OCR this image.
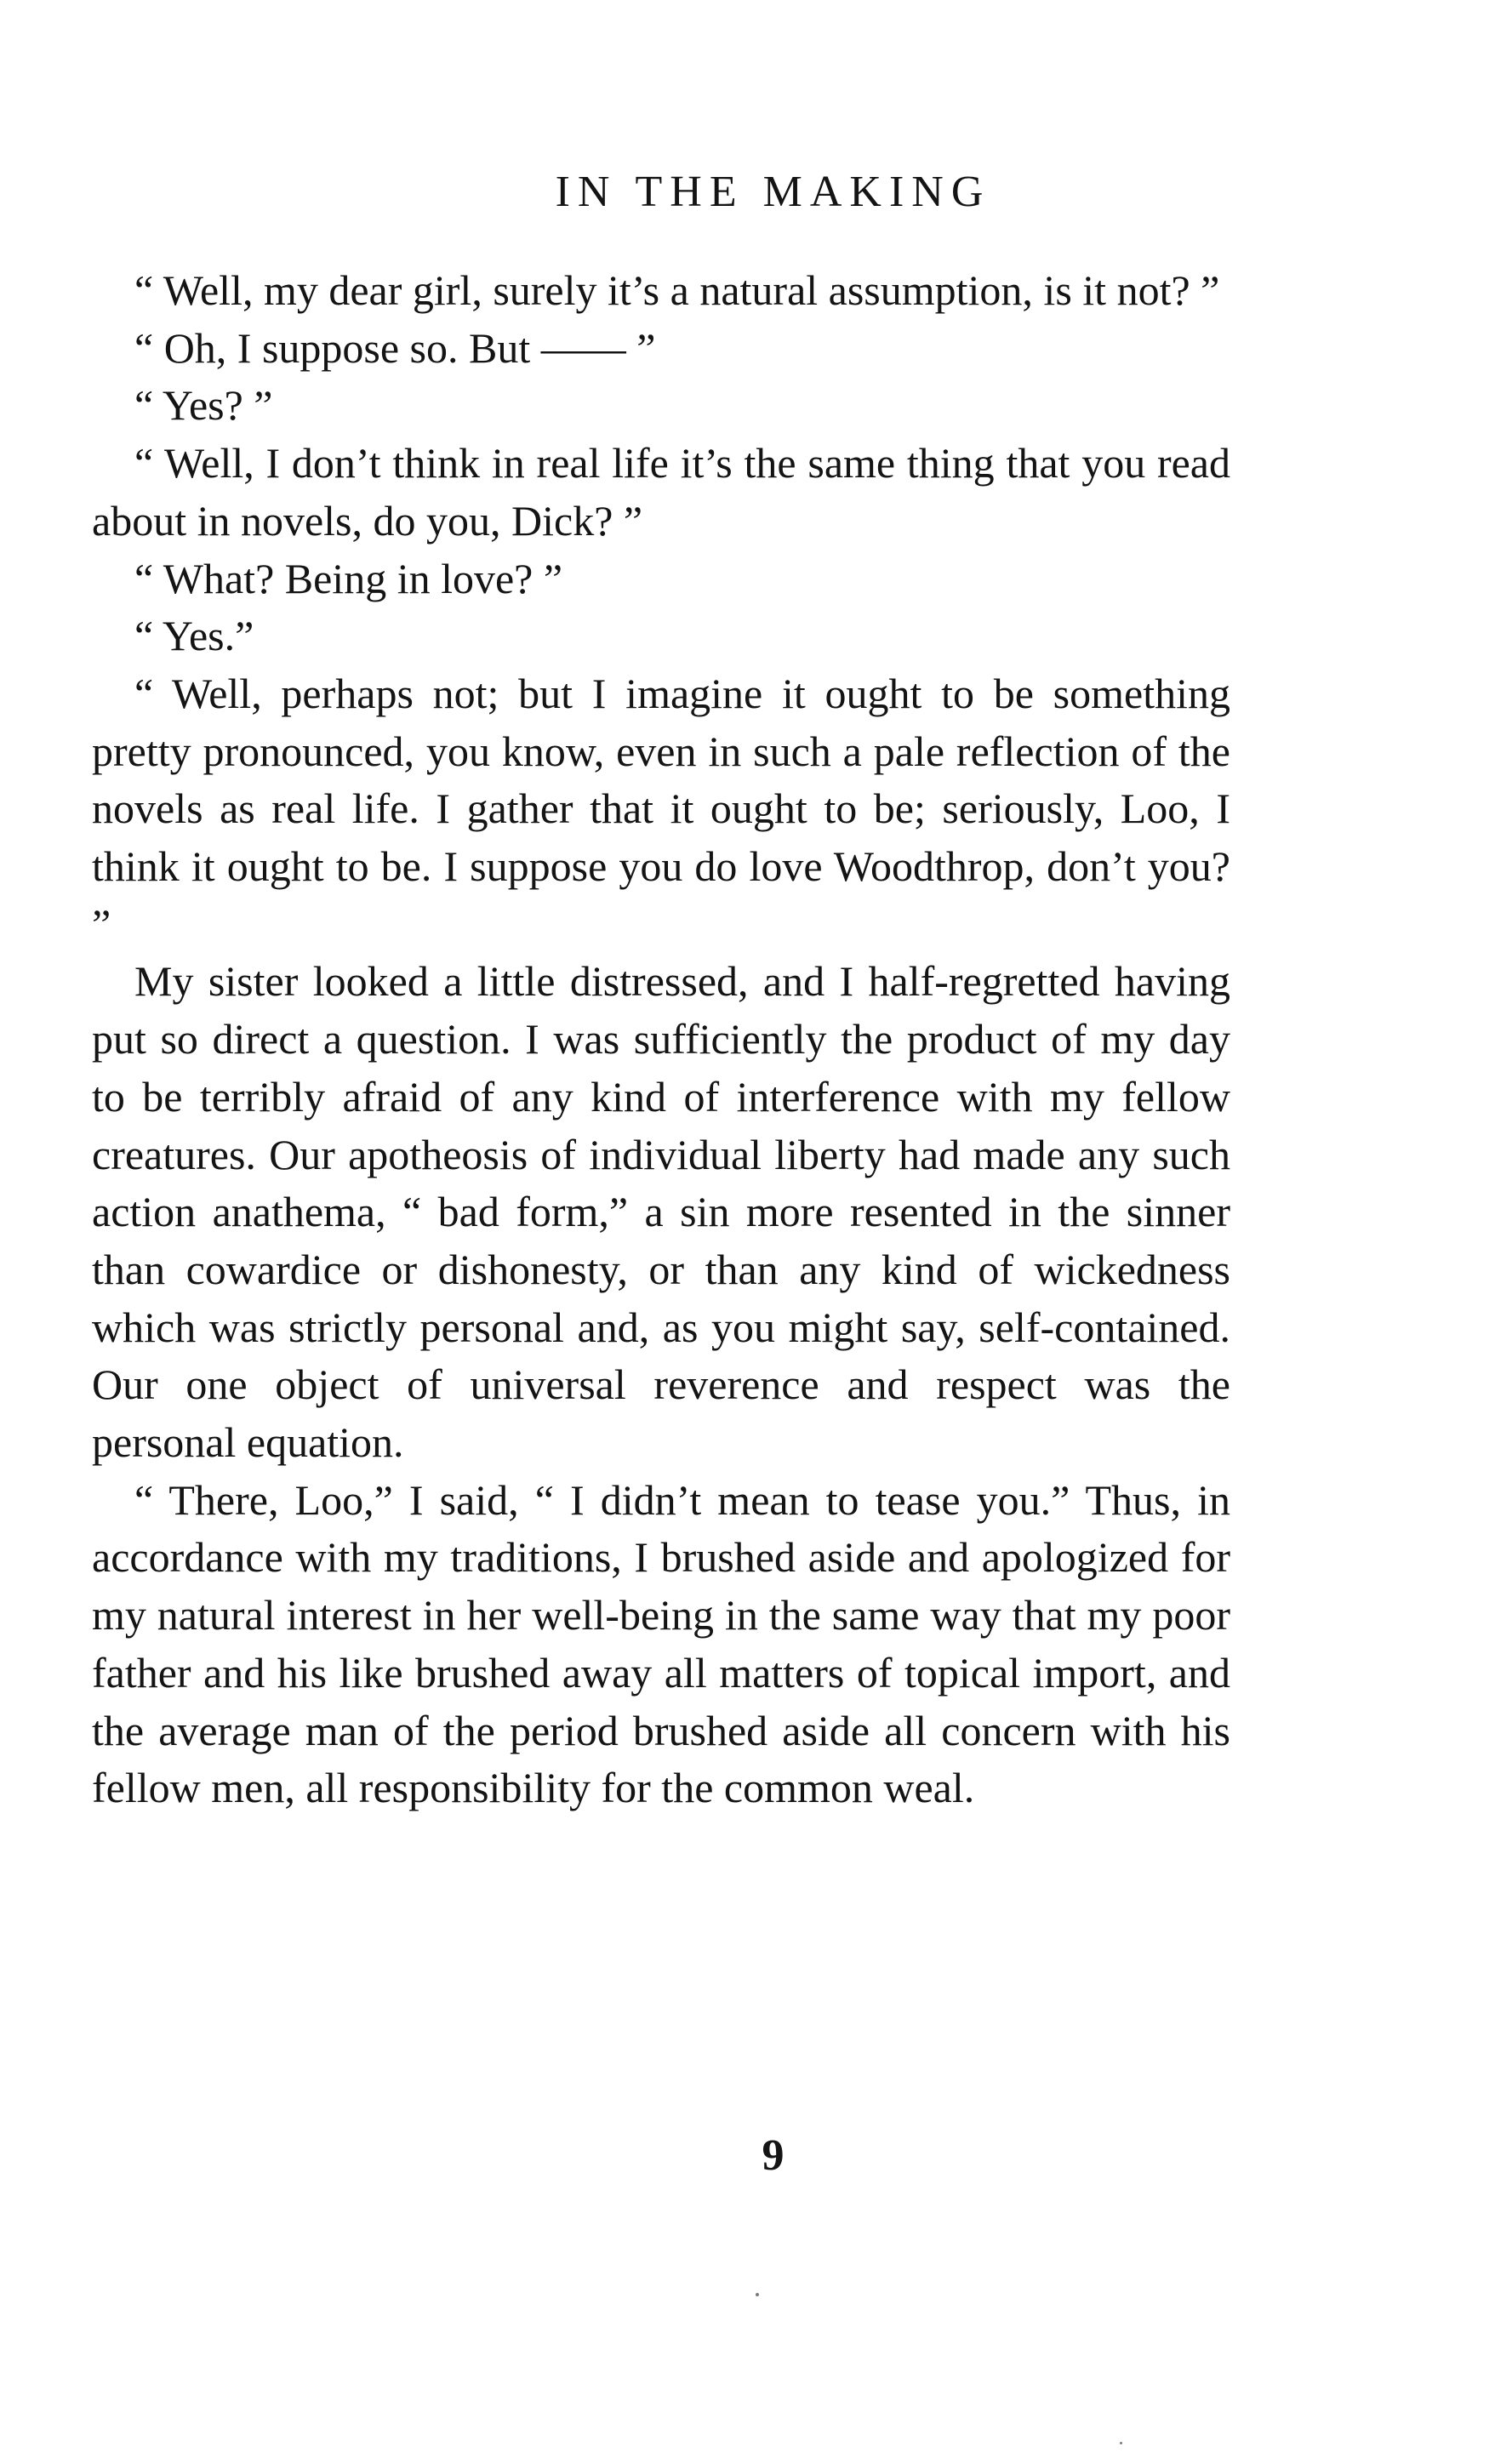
IN THE MAKING

“ Well, my dear girl, surely it’s a natural assumption, is it not? ”

“ Oh, I suppose so. But —— ”

“ Yes? ”

“ Well, I don’t think in real life it’s the same thing that you read about in novels, do you, Dick? ”

“ What? Being in love? ”

“ Yes.”

“ Well, perhaps not; but I imagine it ought to be something pretty pronounced, you know, even in such a pale reflection of the novels as real life. I gather that it ought to be; seriously, Loo, I think it ought to be. I suppose you do love Woodthrop, don’t you? ”

My sister looked a little distressed, and I half-regretted having put so direct a question. I was sufficiently the product of my day to be terribly afraid of any kind of interference with my fellow creatures. Our apotheosis of individual liberty had made any such action anathema, “ bad form,” a sin more resented in the sinner than cowardice or dishonesty, or than any kind of wickedness which was strictly personal and, as you might say, self-contained. Our one object of universal reverence and respect was the personal equation.

“ There, Loo,” I said, “ I didn’t mean to tease you.” Thus, in accordance with my traditions, I brushed aside and apologized for my natural interest in her well-being in the same way that my poor father and his like brushed away all matters of topical import, and the average man of the period brushed aside all concern with his fellow men, all responsibility for the common weal.

9
